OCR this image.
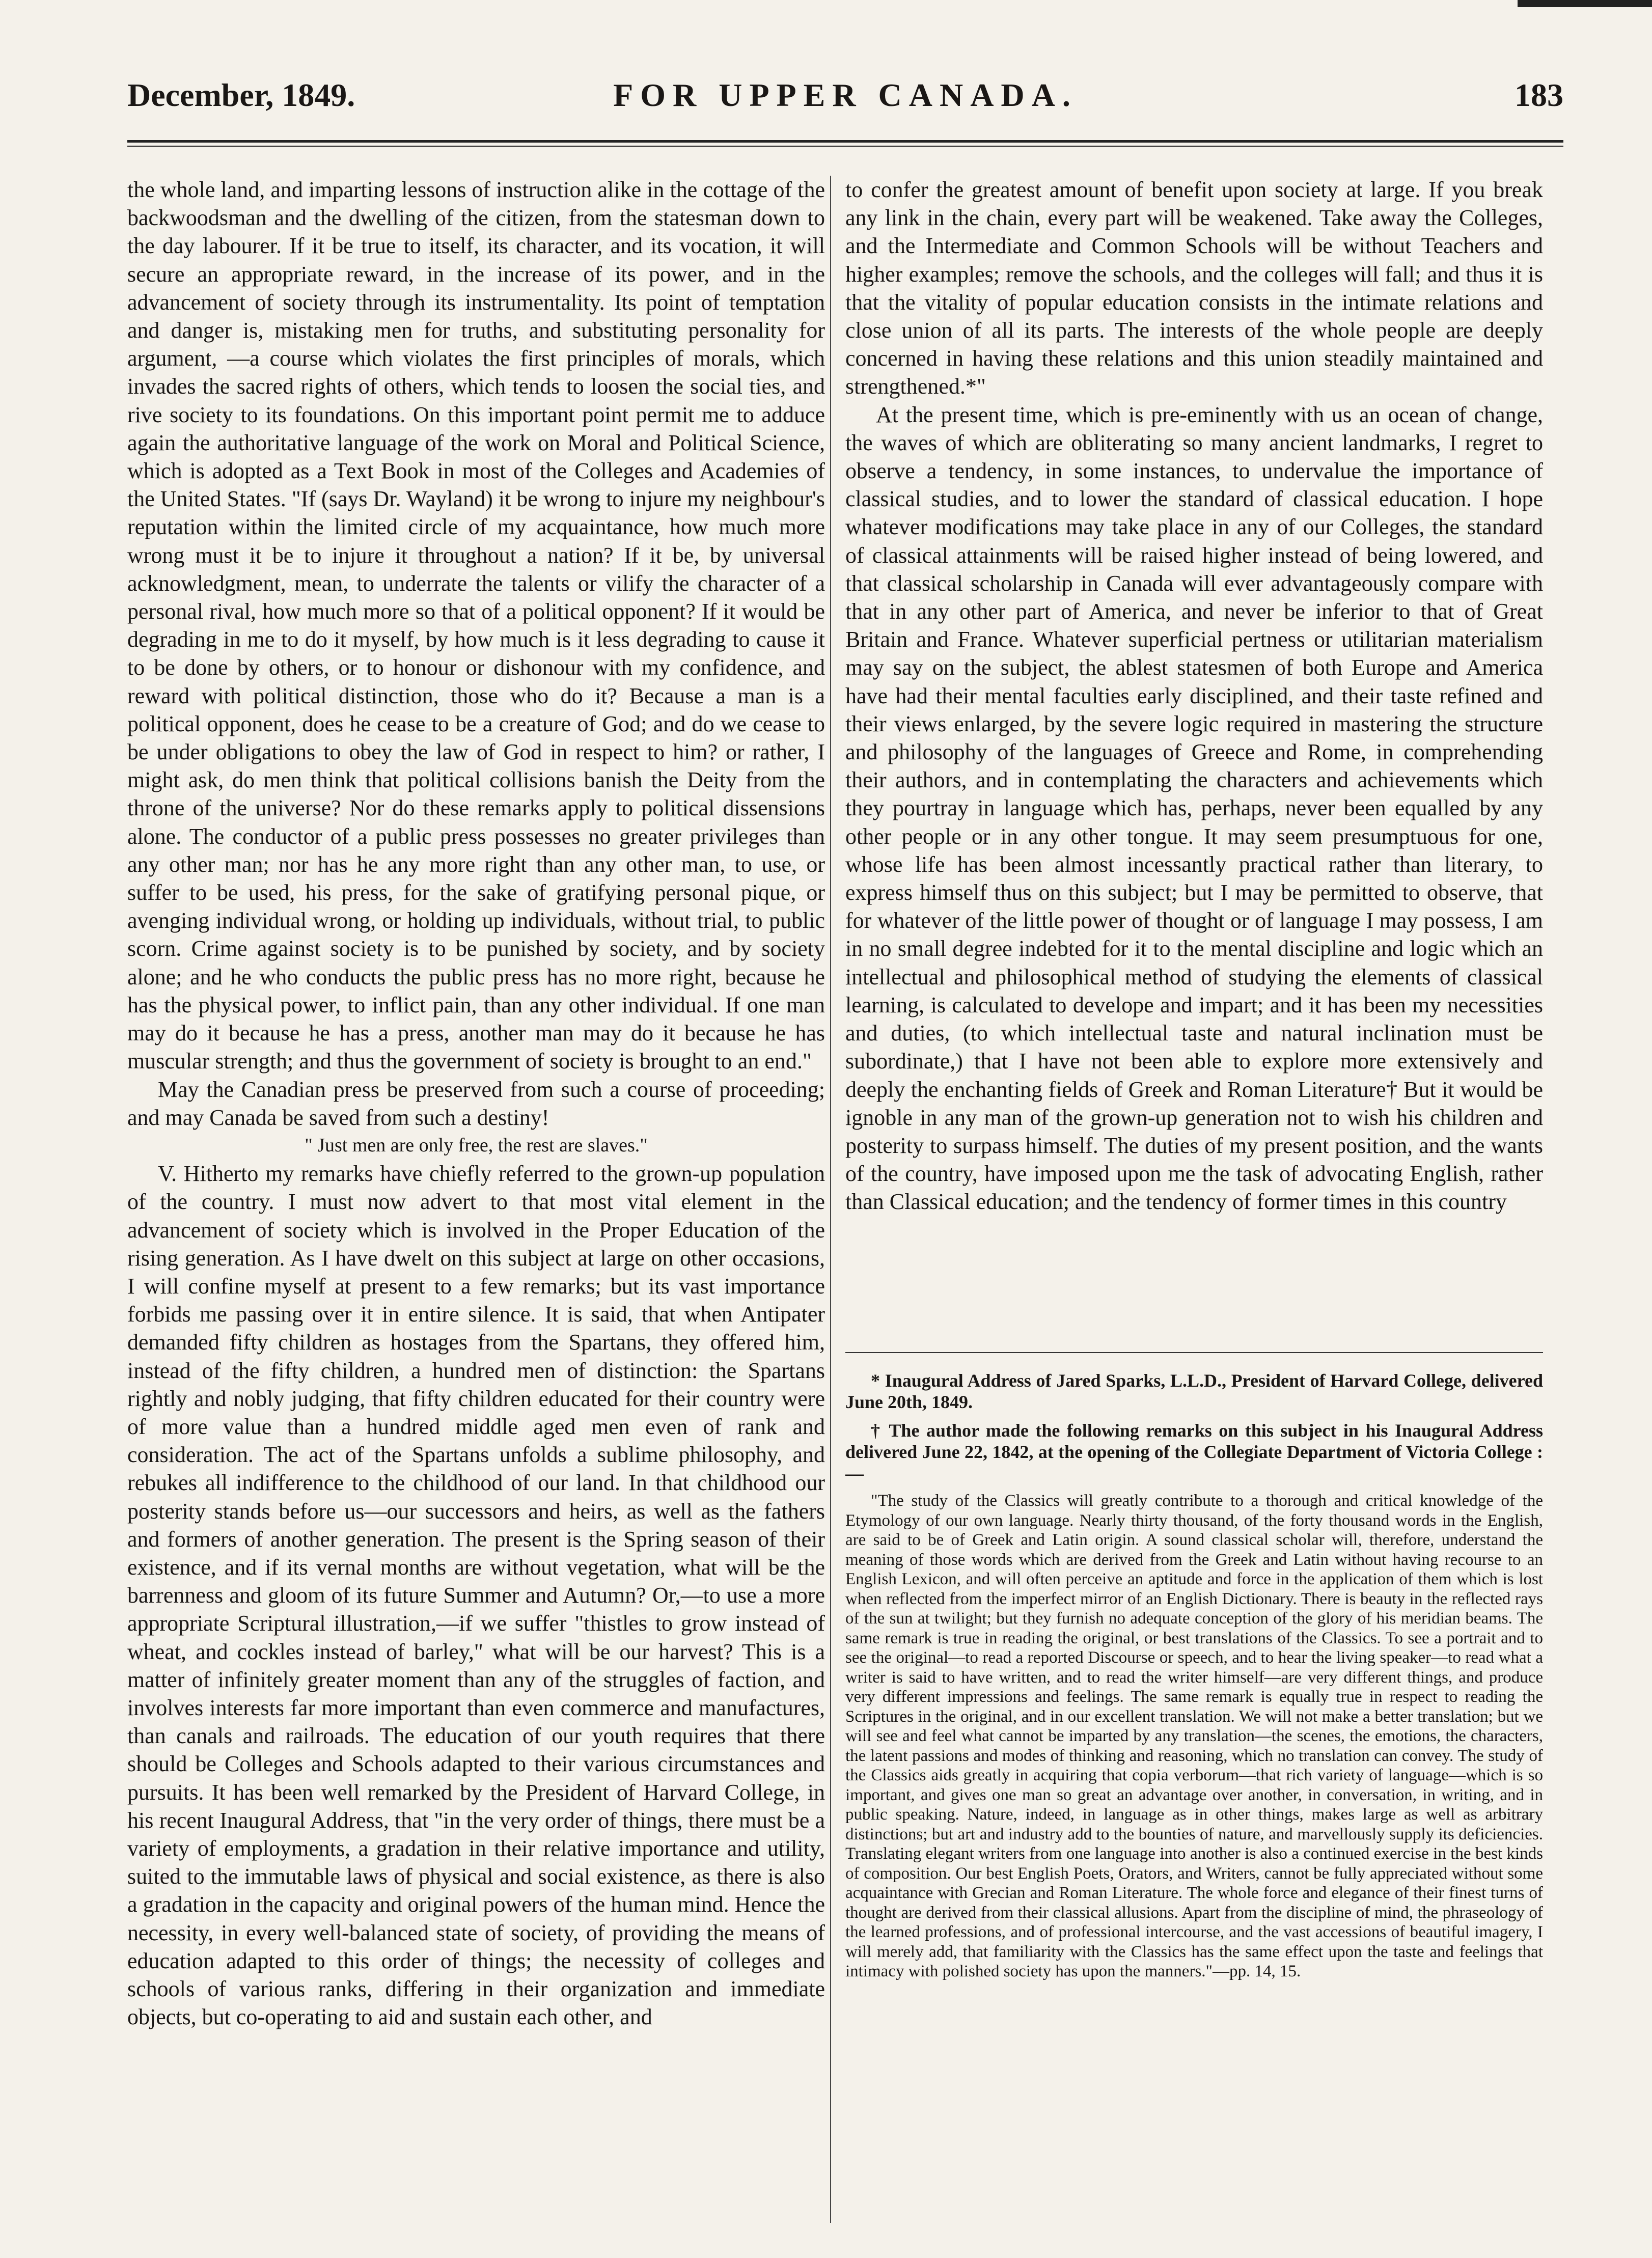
FOR UPPER CANADA.
December, 1849.	183

the whole land, and imparting lessons of instruction alike in the cottage of the backwoodsman and the dwelling of the citizen, from the statesman down to the day labourer. If it be true to itself, its character, and its vocation, it will secure an appropriate reward, in the increase of its power, and in the advancement of society through its instrumentality. Its point of temptation and danger is, mistaking men for truths, and substituting personality for argument, —a course which violates the first principles of morals, which invades the sacred rights of others, which tends to loosen the social ties, and rive society to its foundations. On this important point permit me to adduce again the authoritative language of the work on Moral and Political Science, which is adopted as a Text Book in most of the Colleges and Academies of the United States. "If (says Dr. Wayland) it be wrong to injure my neighbour's reputation within the limited circle of my acquaintance, how much more wrong must it be to injure it throughout a nation? If it be, by universal acknowledgment, mean, to underrate the talents or vilify the character of a personal rival, how much more so that of a political opponent? If it would be degrading in me to do it myself, by how much is it less degrading to cause it to be done by others, or to honour or dishonour with my confidence, and reward with political distinction, those who do it? Because a man is a political opponent, does he cease to be a creature of God; and do we cease to be under obligations to obey the law of God in respect to him? or rather, I might ask, do men think that political collisions banish the Deity from the throne of the universe? Nor do these remarks apply to political dissensions alone. The conductor of a public press possesses no greater privileges than any other man; nor has he any more right than any other man, to use, or suffer to be used, his press, for the sake of gratifying personal pique, or avenging individual wrong, or holding up individuals, without trial, to public scorn. Crime against society is to be punished by society, and by society alone; and he who conducts the public press has no more right, because he has the physical power, to inflict pain, than any other individual. If one man may do it because he has a press, another man may do it because he has muscular strength; and thus the government of society is brought to an end."

May the Canadian press be preserved from such a course of proceeding; and may Canada be saved from such a destiny!

" Just men are only free, the rest are slaves."

V. Hitherto my remarks have chiefly referred to the grown-up population of the country. I must now advert to that most vital element in the advancement of society which is involved in the Proper Education of the rising generation. As I have dwelt on this subject at large on other occasions, I will confine myself at present to a few remarks; but its vast importance forbids me passing over it in entire silence. It is said, that when Antipater demanded fifty children as hostages from the Spartans, they offered him, instead of the fifty children, a hundred men of distinction: the Spartans rightly and nobly judging, that fifty children educated for their country were of more value than a hundred middle aged men even of rank and consideration. The act of the Spartans unfolds a sublime philosophy, and rebukes all indifference to the childhood of our land. In that childhood our posterity stands before us—our successors and heirs, as well as the fathers and formers of another generation. The present is the Spring season of their existence, and if its vernal months are without vegetation, what will be the barrenness and gloom of its future Summer and Autumn? Or,—to use a more appropriate Scriptural illustration,—if we suffer "thistles to grow instead of wheat, and cockles instead of barley," what will be our harvest? This is a matter of infinitely greater moment than any of the struggles of faction, and involves interests far more important than even commerce and manufactures, than canals and railroads. The education of our youth requires that there should be Colleges and Schools adapted to their various circumstances and pursuits. It has been well remarked by the President of Harvard College, in his recent Inaugural Address, that "in the very order of things, there must be a variety of employments, a gradation in their relative importance and utility, suited to the immutable laws of physical and social existence, as there is also a gradation in the capacity and original powers of the human mind. Hence the necessity, in every well-balanced state of society, of providing the means of education adapted to this order of things; the necessity of colleges and schools of various ranks, differing in their organization and immediate objects, but co-operating to aid and sustain each other, and

to confer the greatest amount of benefit upon society at large. If you break any link in the chain, every part will be weakened. Take away the Colleges, and the Intermediate and Common Schools will be without Teachers and higher examples; remove the schools, and the colleges will fall; and thus it is that the vitality of popular education consists in the intimate relations and close union of all its parts. The interests of the whole people are deeply concerned in having these relations and this union steadily maintained and strengthened.*"

At the present time, which is pre-eminently with us an ocean of change, the waves of which are obliterating so many ancient landmarks, I regret to observe a tendency, in some instances, to undervalue the importance of classical studies, and to lower the standard of classical education. I hope whatever modifications may take place in any of our Colleges, the standard of classical attainments will be raised higher instead of being lowered, and that classical scholarship in Canada will ever advantageously compare with that in any other part of America, and never be inferior to that of Great Britain and France. Whatever superficial pertness or utilitarian materialism may say on the subject, the ablest statesmen of both Europe and America have had their mental faculties early disciplined, and their taste refined and their views enlarged, by the severe logic required in mastering the structure and philosophy of the languages of Greece and Rome, in comprehending their authors, and in contemplating the characters and achievements which they pourtray in language which has, perhaps, never been equalled by any other people or in any other tongue. It may seem presumptuous for one, whose life has been almost incessantly practical rather than literary, to express himself thus on this subject; but I may be permitted to observe, that for whatever of the little power of thought or of language I may possess, I am in no small degree indebted for it to the mental discipline and logic which an intellectual and philosophical method of studying the elements of classical learning, is calculated to develope and impart; and it has been my necessities and duties, (to which intellectual taste and natural inclination must be subordinate,) that I have not been able to explore more extensively and deeply the enchanting fields of Greek and Roman Literature† But it would be ignoble in any man of the grown-up generation not to wish his children and posterity to surpass himself. The duties of my present position, and the wants of the country, have imposed upon me the task of advocating English, rather than Classical education; and the tendency of former times in this country

* Inaugural Address of Jared Sparks, L.L.D., President of Harvard College, delivered June 20th, 1849.

† The author made the following remarks on this subject in his Inaugural Address delivered June 22, 1842, at the opening of the Collegiate Department of Victoria College :—

"The study of the Classics will greatly contribute to a thorough and critical knowledge of the Etymology of our own language. Nearly thirty thousand, of the forty thousand words in the English, are said to be of Greek and Latin origin. A sound classical scholar will, therefore, understand the meaning of those words which are derived from the Greek and Latin without having recourse to an English Lexicon, and will often perceive an aptitude and force in the application of them which is lost when reflected from the imperfect mirror of an English Dictionary. There is beauty in the reflected rays of the sun at twilight; but they furnish no adequate conception of the glory of his meridian beams. The same remark is true in reading the original, or best translations of the Classics. To see a portrait and to see the original—to read a reported Discourse or speech, and to hear the living speaker—to read what a writer is said to have written, and to read the writer himself—are very different things, and produce very different impressions and feelings. The same remark is equally true in respect to reading the Scriptures in the original, and in our excellent translation. We will not make a better translation; but we will see and feel what cannot be imparted by any translation—the scenes, the emotions, the characters, the latent passions and modes of thinking and reasoning, which no translation can convey. The study of the Classics aids greatly in acquiring that copia verborum—that rich variety of language—which is so important, and gives one man so great an advantage over another, in conversation, in writing, and in public speaking. Nature, indeed, in language as in other things, makes large as well as arbitrary distinctions; but art and industry add to the bounties of nature, and marvellously supply its deficiencies. Translating elegant writers from one language into another is also a continued exercise in the best kinds of composition. Our best English Poets, Orators, and Writers, cannot be fully appreciated without some acquaintance with Grecian and Roman Literature. The whole force and elegance of their finest turns of thought are derived from their classical allusions. Apart from the discipline of mind, the phraseology of the learned professions, and of professional intercourse, and the vast accessions of beautiful imagery, I will merely add, that familiarity with the Classics has the same effect upon the taste and feelings that intimacy with polished society has upon the manners."—pp. 14, 15.
